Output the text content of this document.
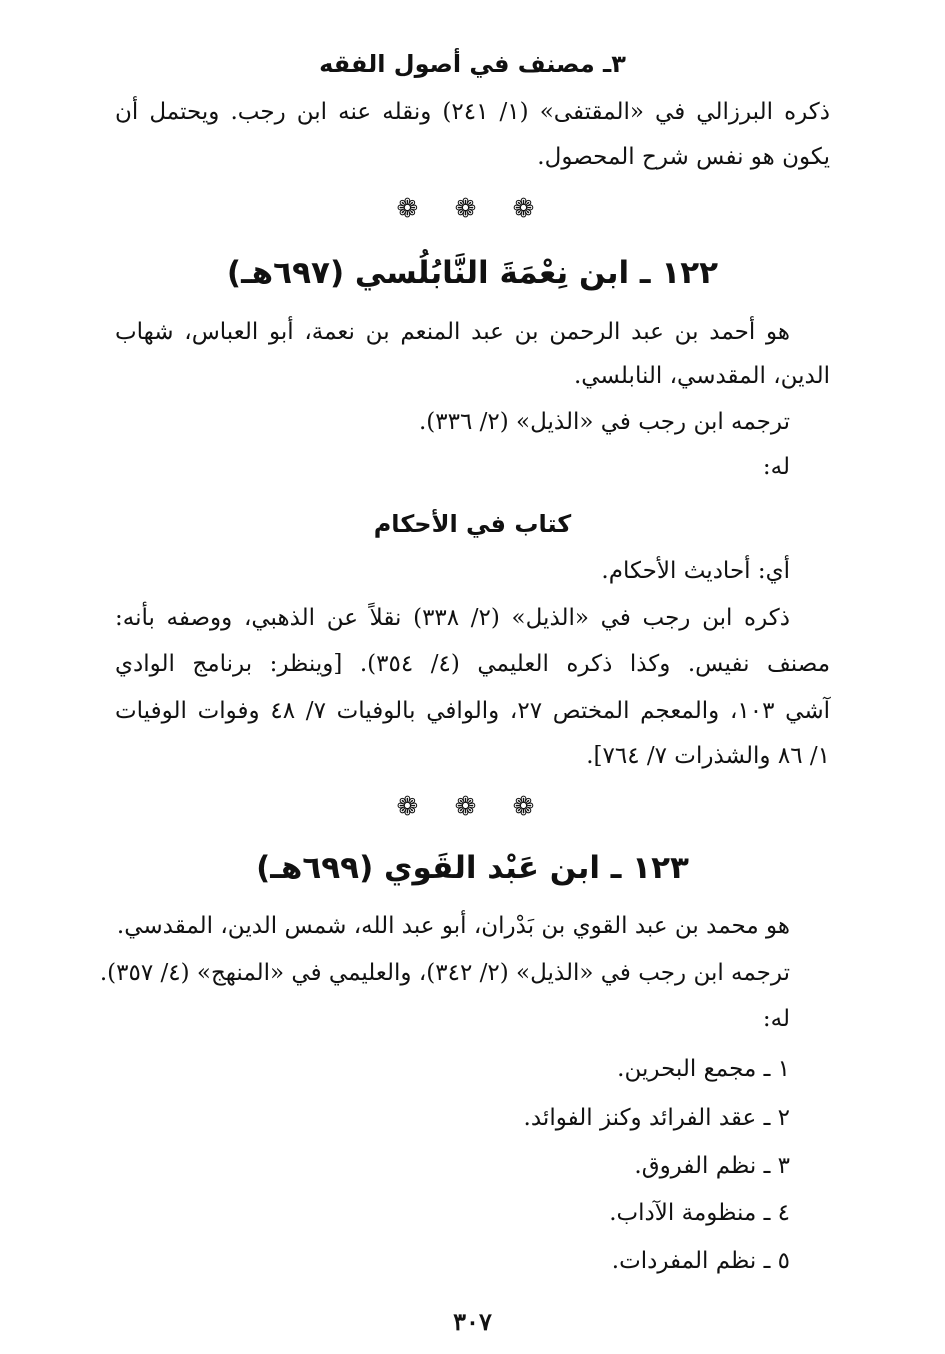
٣ـ مصنف في أصول الفقه
ذكره البرزالي في «المقتفى» (١/ ٢٤١) ونقله عنه ابن رجب. ويحتمل أن
يكون هو نفس شرح المحصول.
❁ ❁ ❁
١٢٢ ـ ابن نِعْمَةَ النَّابُلُسي (٦٩٧هـ)
هو أحمد بن عبد الرحمن بن عبد المنعم بن نعمة، أبو العباس، شهاب
الدين، المقدسي، النابلسي.
ترجمه ابن رجب في «الذيل» (٢/ ٣٣٦).
له:
كتاب في الأحكام
أي: أحاديث الأحكام.
ذكره ابن رجب في «الذيل» (٢/ ٣٣٨) نقلاً عن الذهبي، ووصفه بأنه:
مصنف نفيس. وكذا ذكره العليمي (٤/ ٣٥٤). [وينظر: برنامج الوادي
آشي ١٠٣، والمعجم المختص ٢٧، والوافي بالوفيات ٧/ ٤٨ وفوات الوفيات
١/ ٨٦ والشذرات ٧/ ٧٦٤].
❁ ❁ ❁
١٢٣ ـ ابن عَبْد القَوي (٦٩٩هـ)
هو محمد بن عبد القوي بن بَدْران، أبو عبد الله، شمس الدين، المقدسي.
ترجمه ابن رجب في «الذيل» (٢/ ٣٤٢)، والعليمي في «المنهج» (٤/ ٣٥٧).
له:
١ ـ مجمع البحرين.
٢ ـ عقد الفرائد وكنز الفوائد.
٣ ـ نظم الفروق.
٤ ـ منظومة الآداب.
٥ ـ نظم المفردات.
٣٠٧
